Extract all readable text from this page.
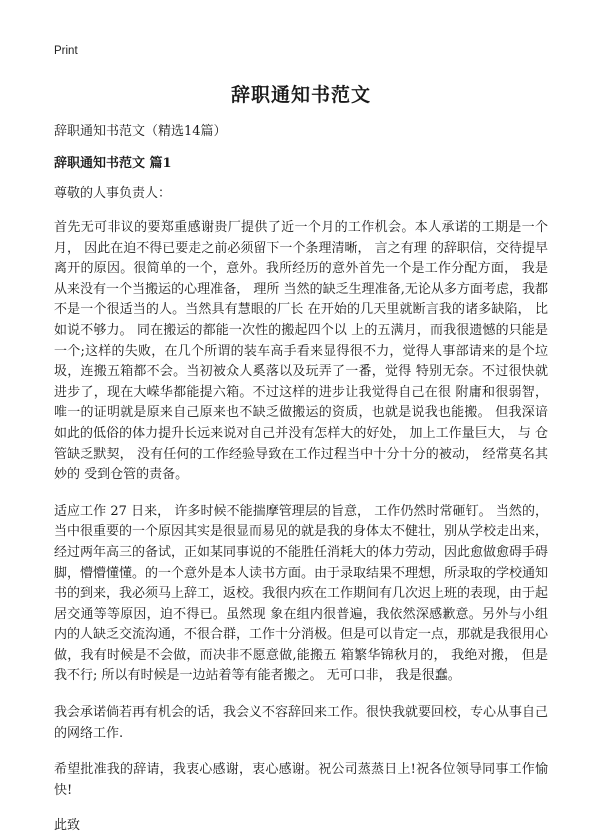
Print
辞职通知书范文
辞职通知书范文（精选14篇）
辞职通知书范文 篇1
尊敬的人事负责人：

首先无可非议的要郑重感谢贵厂提供了近一个月的工作机会。本人承诺的工期是一个月， 因此在迫不得已要走之前必须留下一个条理清晰， 言之有理 的辞职信，交待提早离开的原因。很简单的一个，意外。我所经历的意外首先一个是工作分配方面， 我是从来没有一个当搬运的心理准备， 理所 当然的缺乏生理准备,无论从多方面考虑，我都不是一个很适当的人。当然具有慧眼的厂长 在开始的几天里就断言我的诸多缺陷， 比如说不够力。 同在搬运的都能一次性的搬起四个以 上的五满月，而我很遗憾的只能是一个;这样的失败，在几个所谓的装车高手看来显得很不力，觉得人事部请来的是个垃圾，连搬五箱都不会。当初被众人奚落以及玩弄了一番，觉得 特别无奈。不过很快就进步了，现在大嵘华都能提六箱。不过这样的进步让我觉得自己在很 附庸和很弱智，唯一的证明就是原来自己原来也不缺乏做搬运的资质，也就是说我也能搬。 但我深谙如此的低俗的体力提升长远来说对自己并没有怎样大的好处， 加上工作量巨大， 与 仓管缺乏默契， 没有任何的工作经验导致在工作过程当中十分十分的被动， 经常莫名其妙的 受到仓管的责备。

适应工作 27 日来， 许多时候不能揣摩管理层的旨意， 工作仍然时常砸钉。 当然的，当中很重要的一个原因其实是很显而易见的就是我的身体太不健壮，别从学校走出来，经过两年高三的备试，正如某同事说的不能胜任消耗大的体力劳动，因此愈做愈碍手碍 脚，懵懵懂懂。的一个意外是本人读书方面。由于录取结果不理想，所录取的学校通知书的到来，我必须马上辞工，返校。我很内疚在工作期间有几次迟上班的表现，由于起居交通等等原因，迫不得已。虽然现 象在组内很普遍，我依然深感歉意。另外与小组内的人缺乏交流沟通，不很合群，工作十分消极。但是可以肯定一点，那就是我很用心做，我有时候是不会做，而决非不愿意做,能搬五 箱繁华锦秋月的， 我绝对搬， 但是我不行; 所以有时候是一边站着等有能者搬之。 无可口非， 我是很蠢。

我会承诺倘若再有机会的话，我会义不容辞回来工作。很快我就要回校，专心从事自己 的网络工作.

希望批准我的辞请，我衷心感谢，衷心感谢。祝公司蒸蒸日上!祝各位领导同事工作愉 快!

此致
